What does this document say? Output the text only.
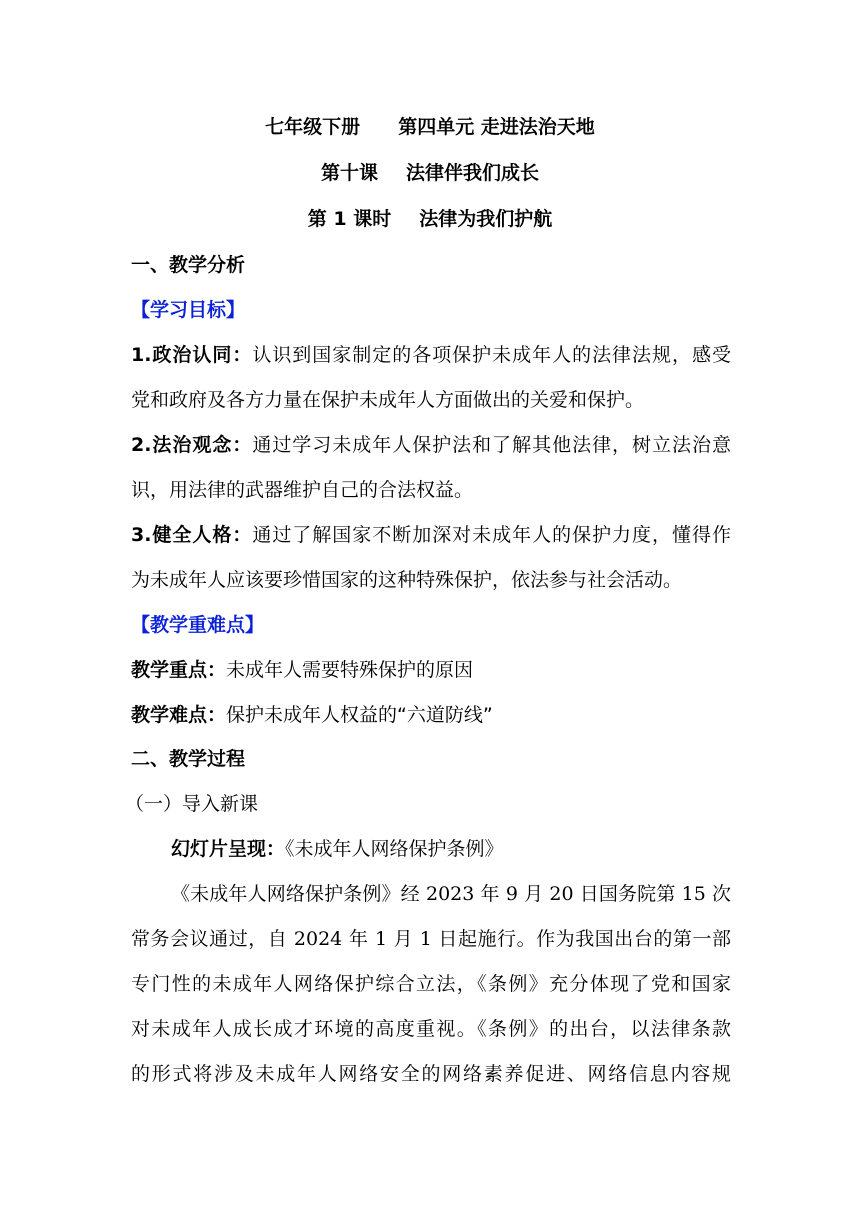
七年级下册 第四单元 走进法治天地
第十课 法律伴我们成长
第 1 课时 法律为我们护航
一、教学分析
【学习目标】
1.政治认同：认识到国家制定的各项保护未成年人的法律法规，感受
党和政府及各方力量在保护未成年人方面做出的关爱和保护。
2.法治观念：通过学习未成年人保护法和了解其他法律，树立法治意
识，用法律的武器维护自己的合法权益。
3.健全人格：通过了解国家不断加深对未成年人的保护力度，懂得作
为未成年人应该要珍惜国家的这种特殊保护，依法参与社会活动。
【教学重难点】
教学重点：未成年人需要特殊保护的原因
教学难点：保护未成年人权益的“六道防线”
二、教学过程
（一）导入新课
幻灯片呈现：《未成年人网络保护条例》
《未成年人网络保护条例》经 2023 年 9 月 20 日国务院第 15 次
常务会议通过，自 2024 年 1 月 1 日起施行。作为我国出台的第一部
专门性的未成年人网络保护综合立法，《条例》充分体现了党和国家
对未成年人成长成才环境的高度重视。《条例》的出台，以法律条款
的形式将涉及未成年人网络安全的网络素养促进、网络信息内容规
